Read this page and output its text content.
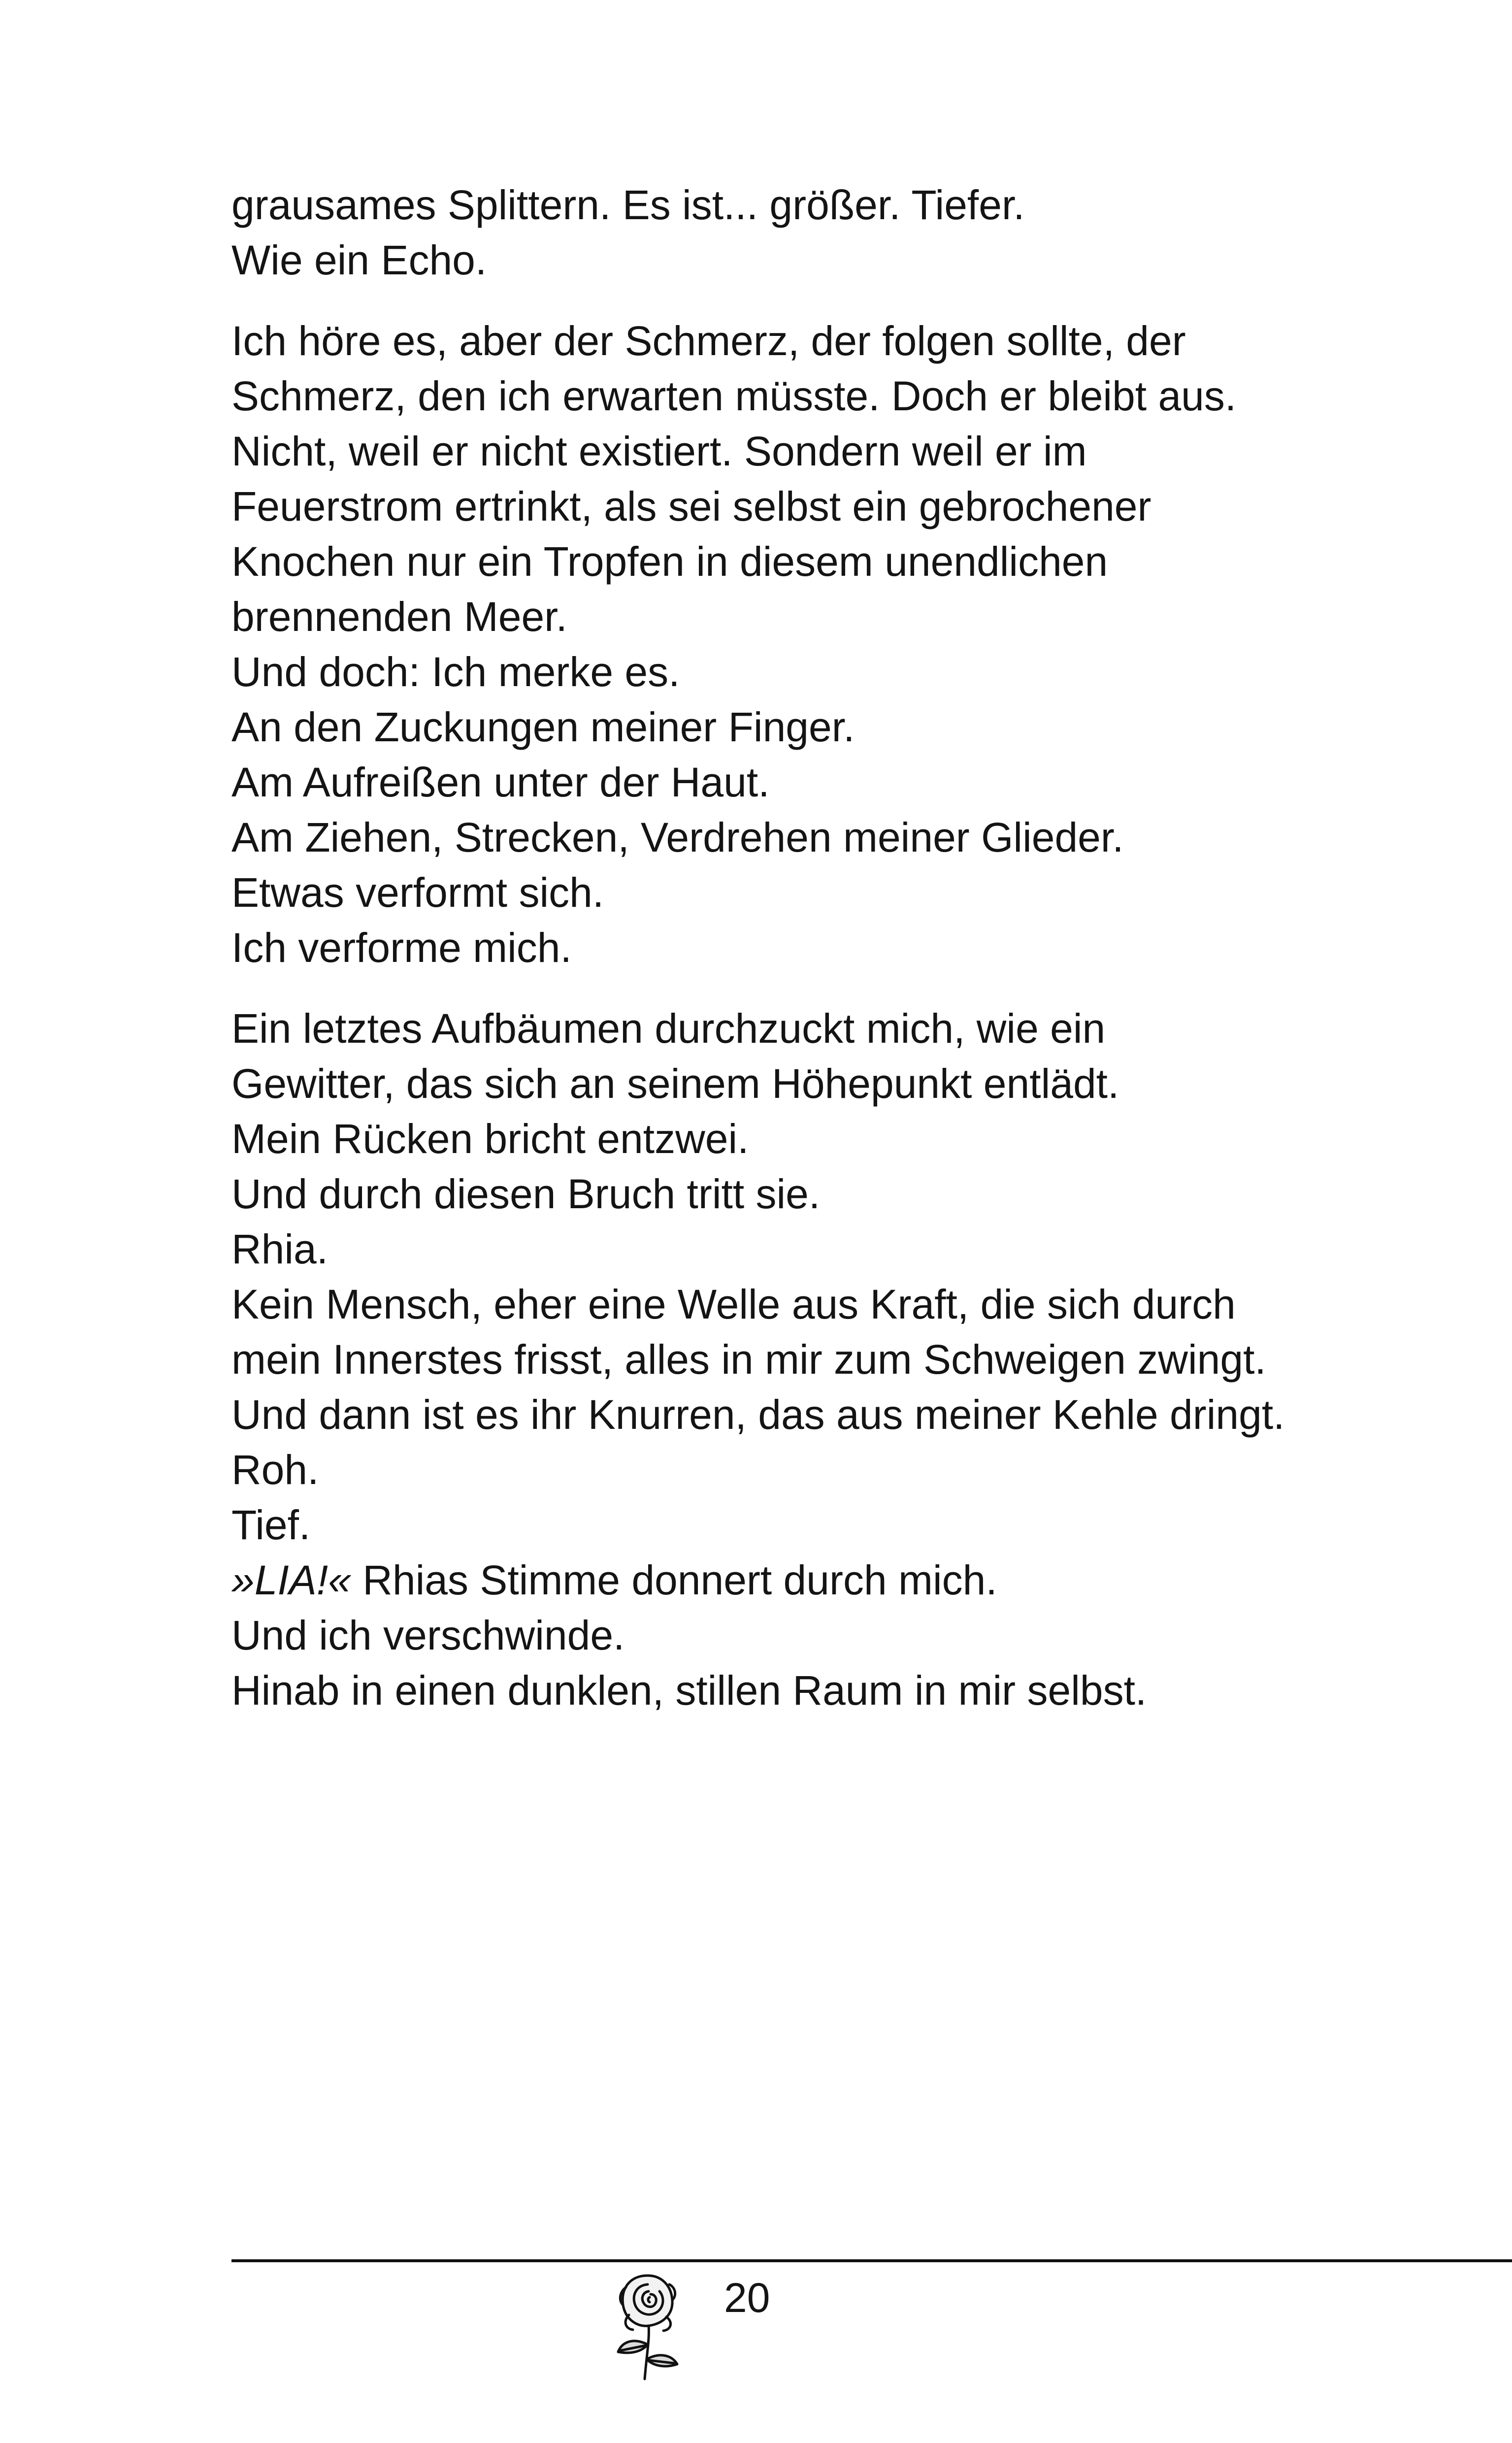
grausames Splittern. Es ist... größer. Tiefer.
Wie ein Echo.
Ich höre es, aber der Schmerz, der folgen sollte, der
Schmerz, den ich erwarten müsste. Doch er bleibt aus.
Nicht, weil er nicht existiert. Sondern weil er im
Feuerstrom ertrinkt, als sei selbst ein gebrochener
Knochen nur ein Tropfen in diesem unendlichen
brennenden Meer.
Und doch: Ich merke es.
An den Zuckungen meiner Finger.
Am Aufreißen unter der Haut.
Am Ziehen, Strecken, Verdrehen meiner Glieder.
Etwas verformt sich.
Ich verforme mich.
Ein letztes Aufbäumen durchzuckt mich, wie ein
Gewitter, das sich an seinem Höhepunkt entlädt.
Mein Rücken bricht entzwei.
Und durch diesen Bruch tritt sie.
Rhia.
Kein Mensch, eher eine Welle aus Kraft, die sich durch
mein Innerstes frisst, alles in mir zum Schweigen zwingt.
Und dann ist es ihr Knurren, das aus meiner Kehle dringt.
Roh.
Tief.
»LIA!« Rhias Stimme donnert durch mich.
Und ich verschwinde.
Hinab in einen dunklen, stillen Raum in mir selbst.
20
